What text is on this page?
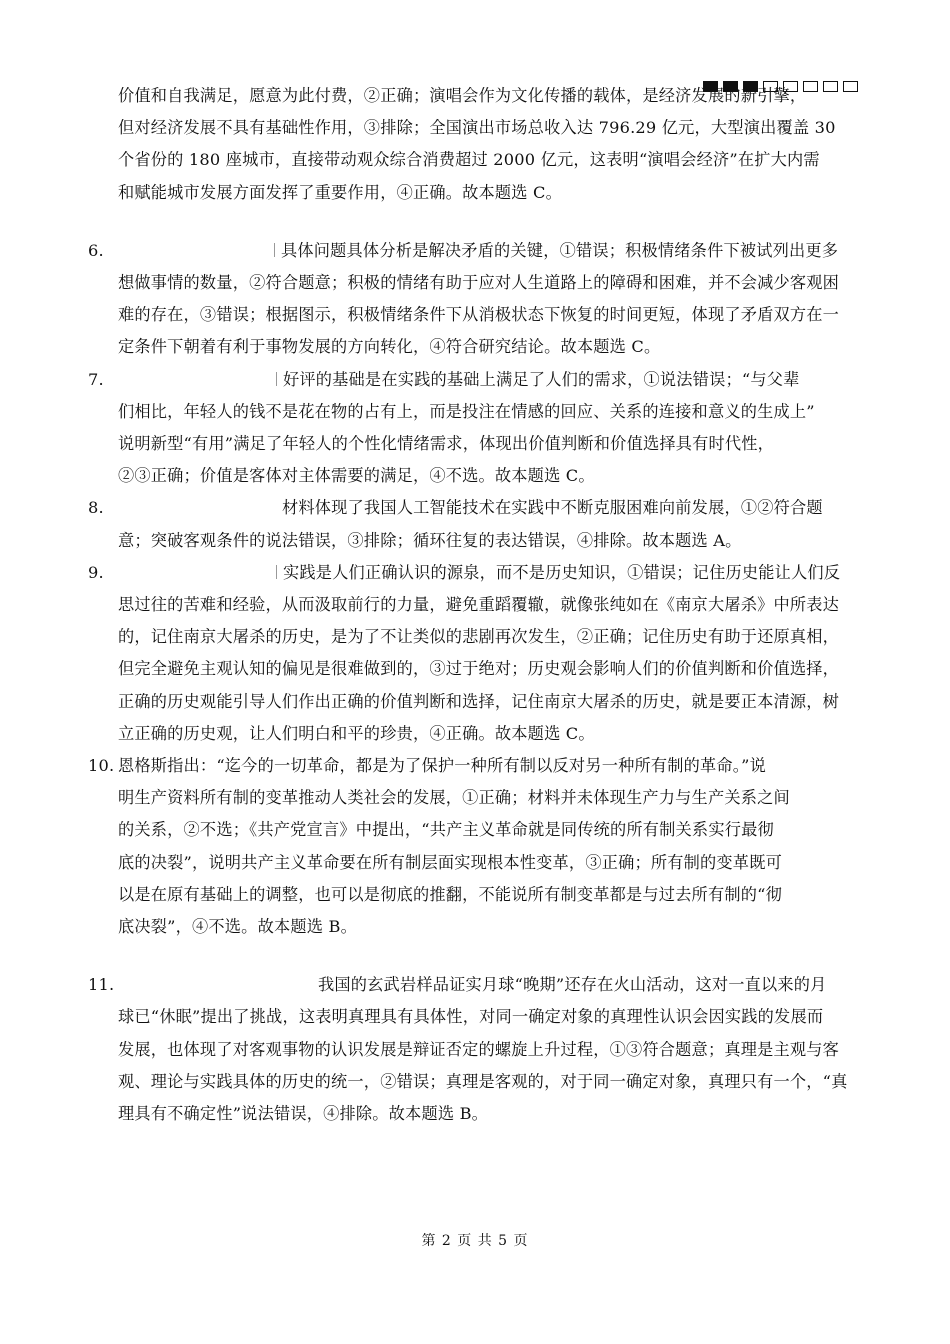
价值和自我满足，愿意为此付费，②正确；演唱会作为文化传播的载体，是经济发展的新引擎，
但对经济发展不具有基础性作用，③排除；全国演出市场总收入达 796.29 亿元，大型演出覆盖 30
个省份的 180 座城市，直接带动观众综合消费超过 2000 亿元，这表明“演唱会经济”在扩大内需
和赋能城市发展方面发挥了重要作用，④正确。故本题选 C。
6.	具体问题具体分析是解决矛盾的关键，①错误；积极情绪条件下被试列出更多
想做事情的数量，②符合题意；积极的情绪有助于应对人生道路上的障碍和困难，并不会减少客观困
难的存在，③错误；根据图示，积极情绪条件下从消极状态下恢复的时间更短，体现了矛盾双方在一
定条件下朝着有利于事物发展的方向转化，④符合研究结论。故本题选 C。
7.	好评的基础是在实践的基础上满足了人们的需求，①说法错误；“与父辈
们相比，年轻人的钱不是花在物的占有上，而是投注在情感的回应、关系的连接和意义的生成上”
说明新型“有用”满足了年轻人的个性化情绪需求，体现出价值判断和价值选择具有时代性，
②③正确；价值是客体对主体需要的满足，④不选。故本题选 C。
8.	材料体现了我国人工智能技术在实践中不断克服困难向前发展，①②符合题
意；突破客观条件的说法错误，③排除；循环往复的表达错误，④排除。故本题选 A。
9.	实践是人们正确认识的源泉，而不是历史知识，①错误；记住历史能让人们反
思过往的苦难和经验，从而汲取前行的力量，避免重蹈覆辙，就像张纯如在《南京大屠杀》中所表达
的，记住南京大屠杀的历史，是为了不让类似的悲剧再次发生，②正确；记住历史有助于还原真相，
但完全避免主观认知的偏见是很难做到的，③过于绝对；历史观会影响人们的价值判断和价值选择，
正确的历史观能引导人们作出正确的价值判断和选择，记住南京大屠杀的历史，就是要正本清源，树
立正确的历史观，让人们明白和平的珍贵，④正确。故本题选 C。
10. 恩格斯指出：“迄今的一切革命，都是为了保护一种所有制以反对另一种所有制的革命。”说
明生产资料所有制的变革推动人类社会的发展，①正确；材料并未体现生产力与生产关系之间
的关系，②不选；《共产党宣言》中提出，“共产主义革命就是同传统的所有制关系实行最彻
底的决裂”，说明共产主义革命要在所有制层面实现根本性变革，③正确；所有制的变革既可
以是在原有基础上的调整，也可以是彻底的推翻，不能说所有制变革都是与过去所有制的“彻
底决裂”，④不选。故本题选 B。
11.	我国的玄武岩样品证实月球“晚期”还存在火山活动，这对一直以来的月
球已“休眠”提出了挑战，这表明真理具有具体性，对同一确定对象的真理性认识会因实践的发展而
发展，也体现了对客观事物的认识发展是辩证否定的螺旋上升过程，①③符合题意；真理是主观与客
观、理论与实践具体的历史的统一，②错误；真理是客观的，对于同一确定对象，真理只有一个，“真
理具有不确定性”说法错误，④排除。故本题选 B。
第 2 页 共 5 页
